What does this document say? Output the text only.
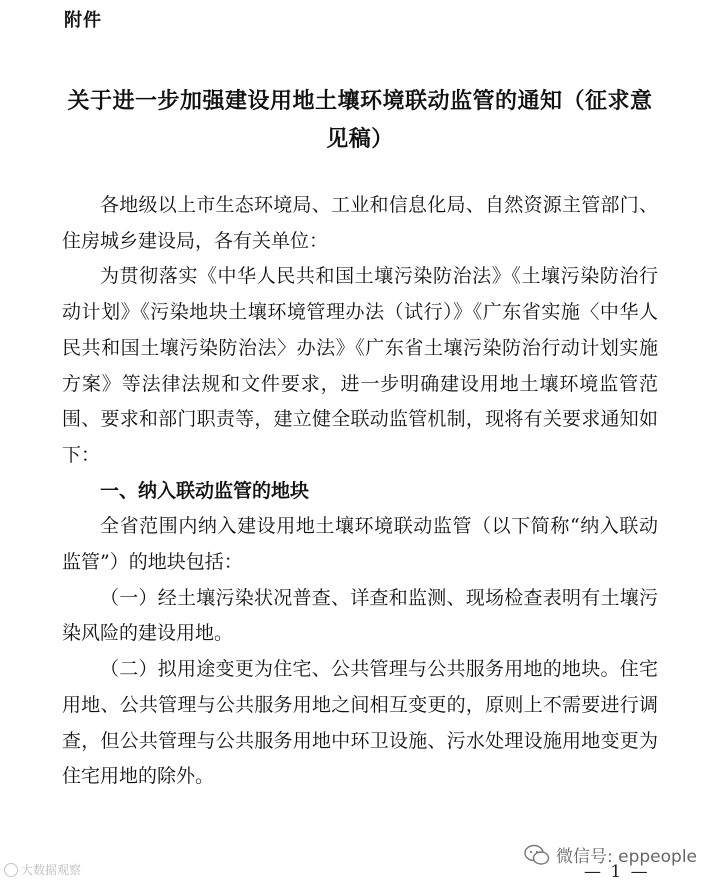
附件
关于进一步加强建设用地土壤环境联动监管的通知（征求意见稿）

各地级以上市生态环境局、工业和信息化局、自然资源主管部门、住房城乡建设局，各有关单位：

为贯彻落实《中华人民共和国土壤污染防治法》《土壤污染防治行动计划》《污染地块土壤环境管理办法（试行）》《广东省实施〈中华人民共和国土壤污染防治法〉办法》《广东省土壤污染防治行动计划实施方案》等法律法规和文件要求，进一步明确建设用地土壤环境监管范围、要求和部门职责等，建立健全联动监管机制，现将有关要求通知如下：

一、纳入联动监管的地块

全省范围内纳入建设用地土壤环境联动监管（以下简称“纳入联动监管”）的地块包括：

（一）经土壤污染状况普查、详查和监测、现场检查表明有土壤污染风险的建设用地。

（二）拟用途变更为住宅、公共管理与公共服务用地的地块。住宅用地、公共管理与公共服务用地之间相互变更的，原则上不需要进行调查，但公共管理与公共服务用地中环卫设施、污水处理设施用地变更为住宅用地的除外。

大数据观察
微信号: eppeople
— 1 —
